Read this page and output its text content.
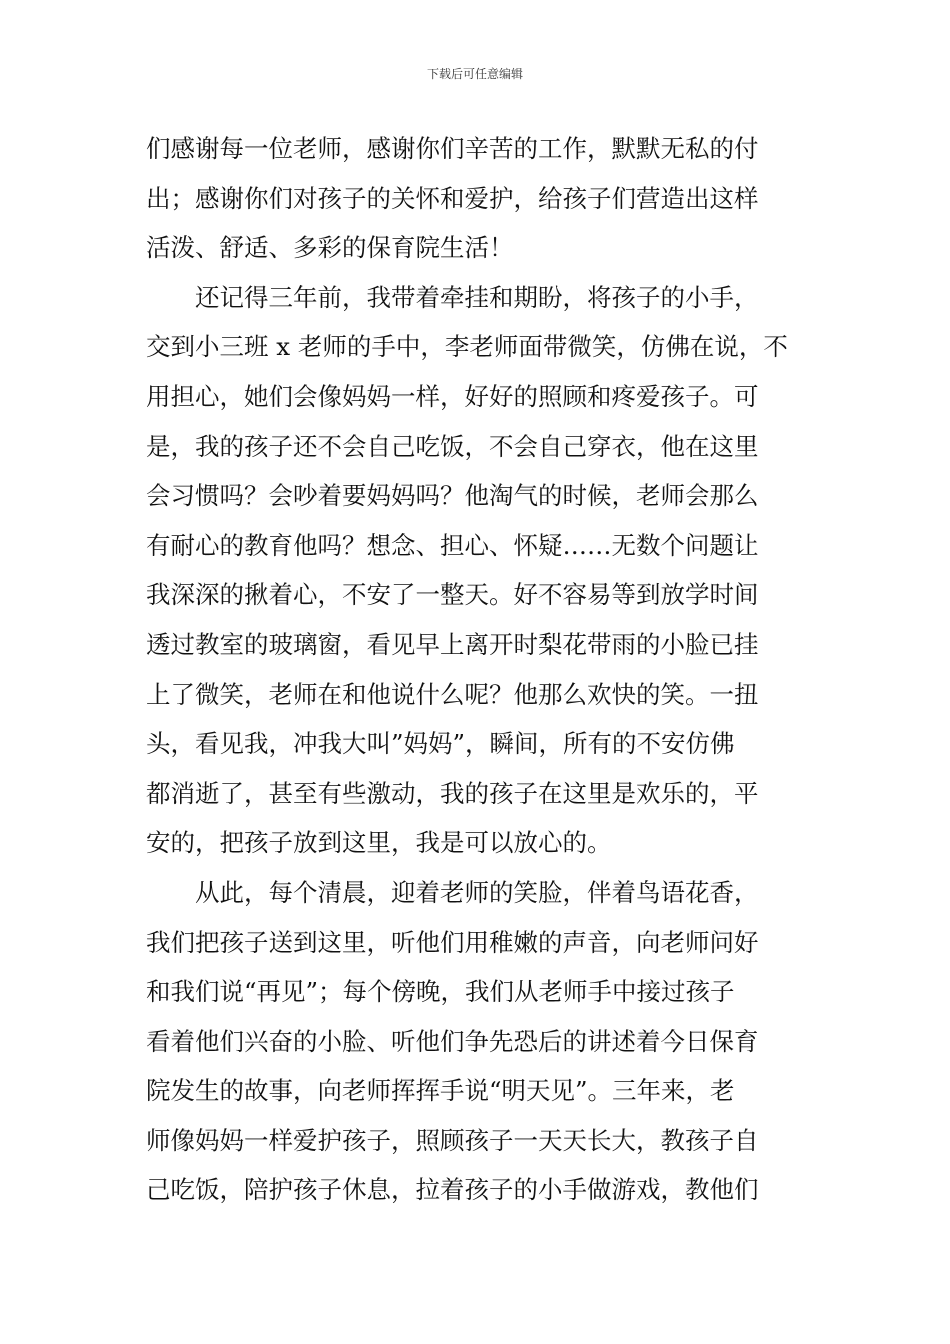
下载后可任意编辑
们感谢每一位老师，感谢你们辛苦的工作，默默无私的付
出；感谢你们对孩子的关怀和爱护，给孩子们营造出这样
活泼、舒适、多彩的保育院生活！
还记得三年前，我带着牵挂和期盼，将孩子的小手，
交到小三班 x 老师的手中，李老师面带微笑，仿佛在说，不
用担心，她们会像妈妈一样，好好的照顾和疼爱孩子。可
是，我的孩子还不会自己吃饭，不会自己穿衣，他在这里
会习惯吗？会吵着要妈妈吗？他淘气的时候，老师会那么
有耐心的教育他吗？想念、担心、怀疑……无数个问题让
我深深的揪着心，不安了一整天。好不容易等到放学时间
透过教室的玻璃窗，看见早上离开时梨花带雨的小脸已挂
上了微笑，老师在和他说什么呢？他那么欢快的笑。一扭
头，看见我，冲我大叫”妈妈”，瞬间，所有的不安仿佛
都消逝了，甚至有些激动，我的孩子在这里是欢乐的，平
安的，把孩子放到这里，我是可以放心的。
从此，每个清晨，迎着老师的笑脸，伴着鸟语花香，
我们把孩子送到这里，听他们用稚嫩的声音，向老师问好
和我们说“再见”；每个傍晚，我们从老师手中接过孩子
看着他们兴奋的小脸、听他们争先恐后的讲述着今日保育
院发生的故事，向老师挥挥手说“明天见”。三年来，老
师像妈妈一样爱护孩子，照顾孩子一天天长大，教孩子自
己吃饭，陪护孩子休息，拉着孩子的小手做游戏，教他们
